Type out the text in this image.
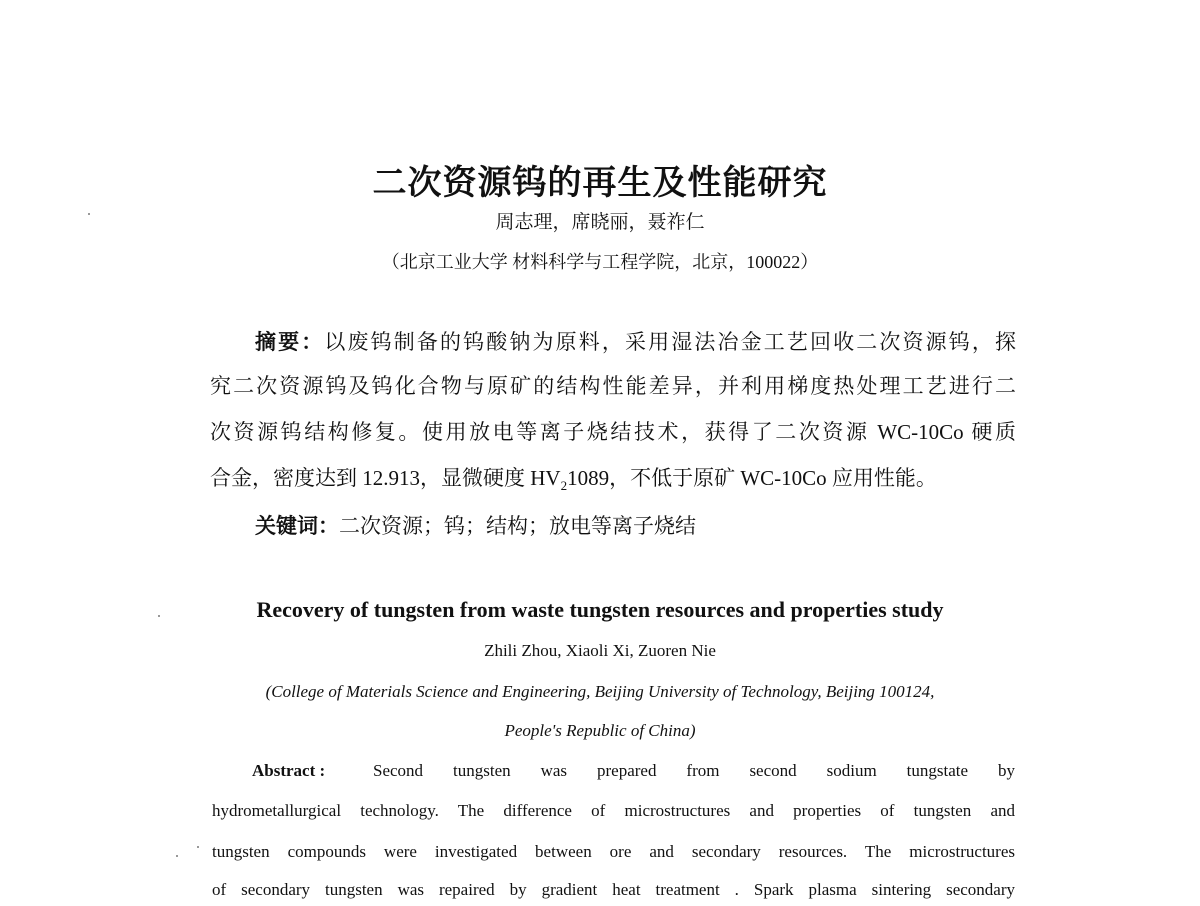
二次资源钨的再生及性能研究
周志理，席晓丽，聂祚仁
（北京工业大学 材料科学与工程学院，北京，100022）
摘要：以废钨制备的钨酸钠为原料，采用湿法冶金工艺回收二次资源钨，探
究二次资源钨及钨化合物与原矿的结构性能差异，并利用梯度热处理工艺进行二
次资源钨结构修复。使用放电等离子烧结技术，获得了二次资源 WC-10Co 硬质
合金，密度达到 12.913，显微硬度 $HV_21089$，不低于原矿 WC-10Co 应用性能。
关键词：二次资源；钨；结构；放电等离子烧结
Recovery of tungsten from waste tungsten resources and properties study
Zhili Zhou, Xiaoli Xi, Zuoren Nie
(College of Materials Science and Engineering, Beijing University of Technology, Beijing 100124,
People's Republic of China)
Abstract :	Second tungsten was prepared from second sodium tungstate by
hydrometallurgical technology. The difference of microstructures and properties of tungsten and
tungsten compounds were investigated between ore and secondary resources. The microstructures
of secondary tungsten was repaired by gradient heat treatment . Spark plasma sintering secondary
